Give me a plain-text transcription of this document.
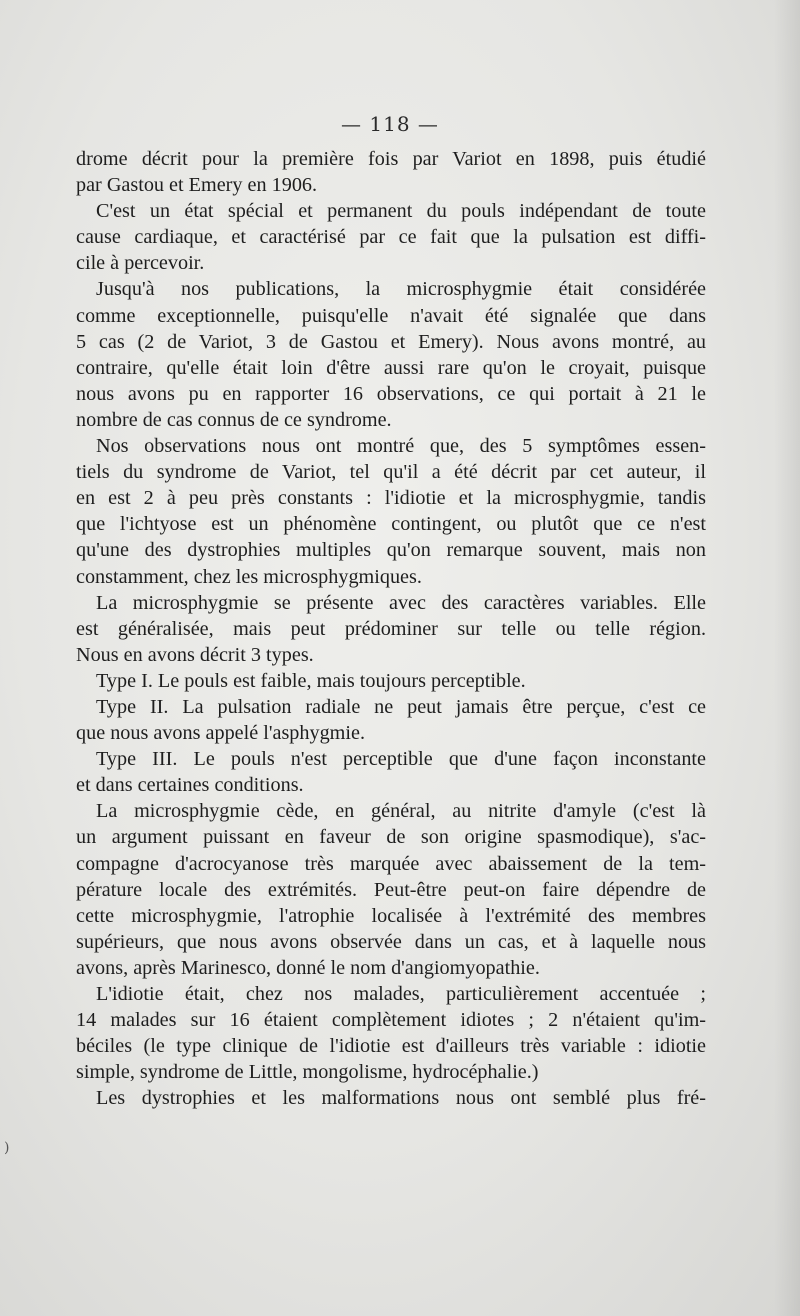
— 118 —
drome décrit pour la première fois par Variot en 1898, puis étudié
par Gastou et Emery en 1906.
C'est un état spécial et permanent du pouls indépendant de toute
cause cardiaque, et caractérisé par ce fait que la pulsation est diffi-
cile à percevoir.
Jusqu'à nos publications, la microsphygmie était considérée
comme exceptionnelle, puisqu'elle n'avait été signalée que dans
5 cas (2 de Variot, 3 de Gastou et Emery). Nous avons montré, au
contraire, qu'elle était loin d'être aussi rare qu'on le croyait, puisque
nous avons pu en rapporter 16 observations, ce qui portait à 21 le
nombre de cas connus de ce syndrome.
Nos observations nous ont montré que, des 5 symptômes essen-
tiels du syndrome de Variot, tel qu'il a été décrit par cet auteur, il
en est 2 à peu près constants : l'idiotie et la microsphygmie, tandis
que l'ichtyose est un phénomène contingent, ou plutôt que ce n'est
qu'une des dystrophies multiples qu'on remarque souvent, mais non
constamment, chez les microsphygmiques.
La microsphygmie se présente avec des caractères variables. Elle
est généralisée, mais peut prédominer sur telle ou telle région.
Nous en avons décrit 3 types.
Type I. Le pouls est faible, mais toujours perceptible.
Type II. La pulsation radiale ne peut jamais être perçue, c'est ce
que nous avons appelé l'asphygmie.
Type III. Le pouls n'est perceptible que d'une façon inconstante
et dans certaines conditions.
La microsphygmie cède, en général, au nitrite d'amyle (c'est là
un argument puissant en faveur de son origine spasmodique), s'ac-
compagne d'acrocyanose très marquée avec abaissement de la tem-
pérature locale des extrémités. Peut-être peut-on faire dépendre de
cette microsphygmie, l'atrophie localisée à l'extrémité des membres
supérieurs, que nous avons observée dans un cas, et à laquelle nous
avons, après Marinesco, donné le nom d'angiomyopathie.
L'idiotie était, chez nos malades, particulièrement accentuée ;
14 malades sur 16 étaient complètement idiotes ; 2 n'étaient qu'im-
béciles (le type clinique de l'idiotie est d'ailleurs très variable : idiotie
simple, syndrome de Little, mongolisme, hydrocéphalie.)
Les dystrophies et les malformations nous ont semblé plus fré-
)
